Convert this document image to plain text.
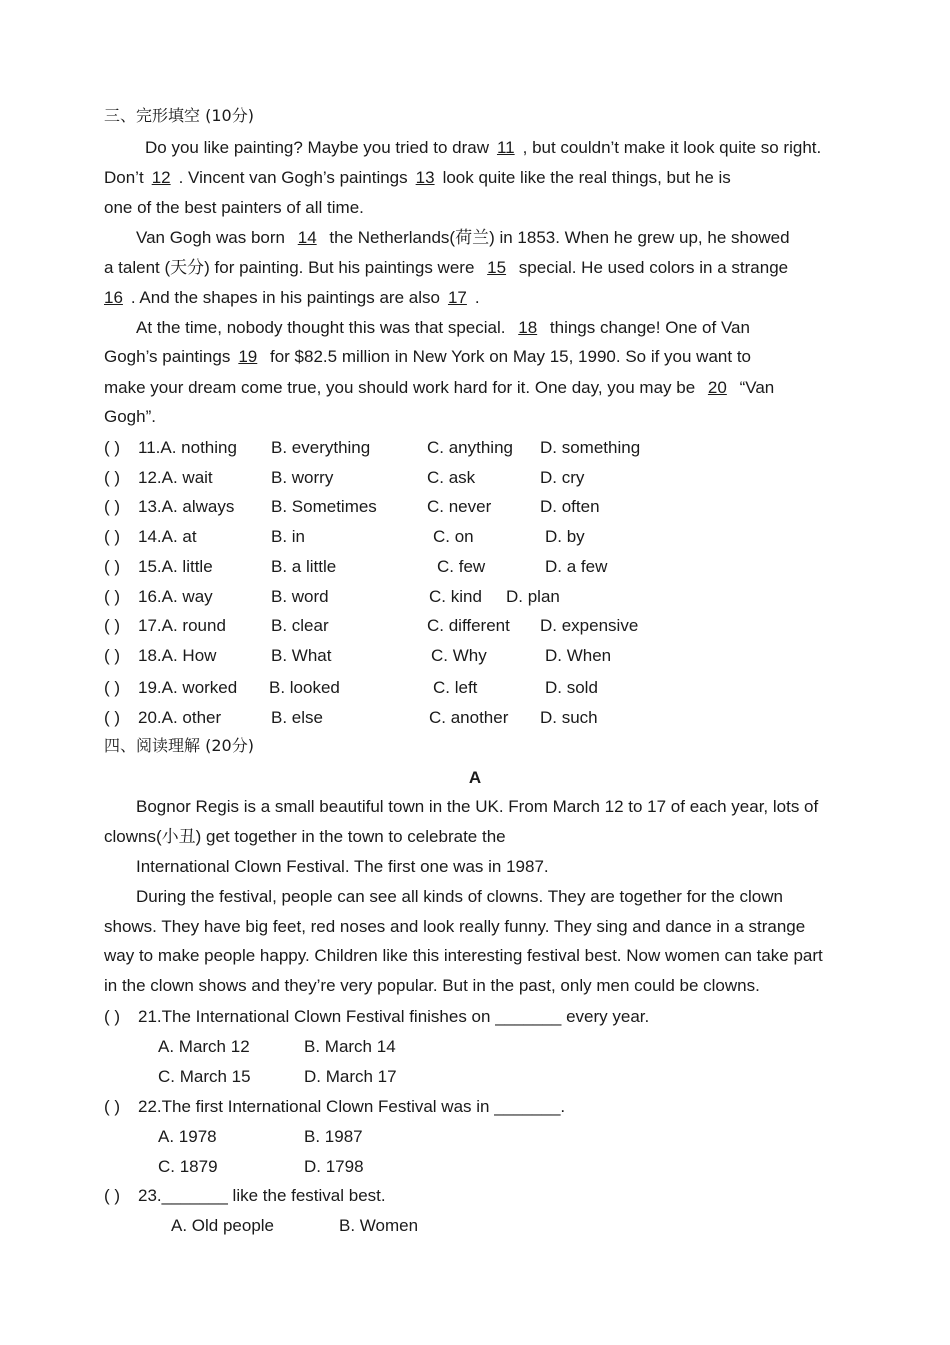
三、完形填空 (10分)
Do you like painting? Maybe you tried to draw 11 , but couldn’t make it look quite so right.
Don’t 12 . Vincent van Gogh’s paintings 13 look quite like the real things, but he is
one of the best painters of all time.
Van Gogh was born 14 the Netherlands(荷兰) in 1853. When he grew up, he showed
a talent (天分) for painting. But his paintings were 15 special. He used colors in a strange
16 . And the shapes in his paintings are also 17 .
At the time, nobody thought this was that special. 18 things change! One of Van
Gogh’s paintings 19 for $82.5 million in New York on May 15, 1990. So if you want to
make your dream come true, you should work hard for it. One day, you may be 20 “Van
Gogh”.
( ) 11.A. nothing B. everything	C. anything D. something
( ) 12.A. wait	B. worry	C. ask	D. cry
( ) 13.A. always B. Sometimes	C. never	D. often
( ) 14.A. at	B. in	C. on	D. by
( ) 15.A. little	B. a little	C. few	D. a few
( ) 16.A. way	B. word	C. kind D. plan
( ) 17.A. round	B. clear	C. different D. expensive
( ) 18.A. How	B. What	C. Why	D. When
( ) 19.A. worked B. looked	C. left	D. sold
( ) 20.A. other	B. else	C. another D. such
四、阅读理解 (20分)
A
Bognor Regis is a small beautiful town in the UK. From March 12 to 17 of each year, lots of
clowns(小丑) get together in the town to celebrate the
International Clown Festival. The first one was in 1987.
During the festival, people can see all kinds of clowns. They are together for the clown
shows. They have big feet, red noses and look really funny. They sing and dance in a strange
way to make people happy. Children like this interesting festival best. Now women can take part
in the clown shows and they’re very popular. But in the past, only men could be clowns.
( ) 21.The International Clown Festival finishes on _______ every year.
A. March 12	B. March 14
C. March 15	D. March 17
( ) 22.The first International Clown Festival was in _______.
A. 1978	B. 1987
C. 1879	D. 1798
( ) 23._______ like the festival best.
A. Old people	B. Women
